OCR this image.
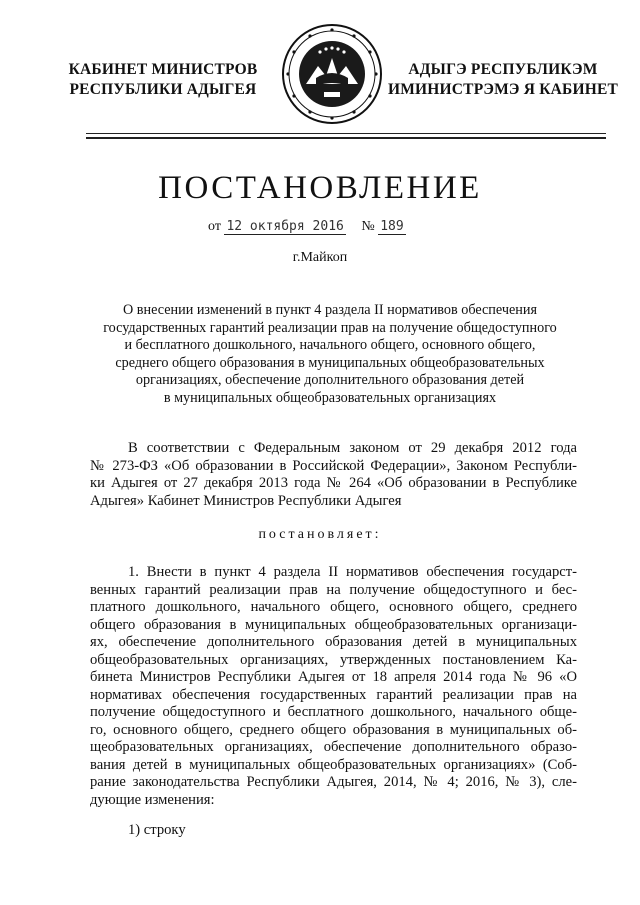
КАБИНЕТ МИНИСТРОВ
РЕСПУБЛИКИ АДЫГЕЯ
АДЫГЭ РЕСПУБЛИКЭМ
ИМИНИСТРЭМЭ Я КАБИНЕТ
ПОСТАНОВЛЕНИЕ
от 12 октября 2016 № 189
г.Майкоп
О внесении изменений в пункт 4 раздела II нормативов обеспечения
государственных гарантий реализации прав на получение общедоступного
и бесплатного дошкольного, начального общего, основного общего,
среднего общего образования в муниципальных общеобразовательных
организациях, обеспечение дополнительного образования детей
в муниципальных общеобразовательных организациях
В соответствии с Федеральным законом от 29 декабря 2012 года
№ 273-ФЗ «Об образовании в Российской Федерации», Законом Республи-
ки Адыгея от 27 декабря 2013 года № 264 «Об образовании в Республике
Адыгея» Кабинет Министров Республики Адыгея
постановляет:
1. Внести в пункт 4 раздела II нормативов обеспечения государст-
венных гарантий реализации прав на получение общедоступного и бес-
платного дошкольного, начального общего, основного общего, среднего
общего образования в муниципальных общеобразовательных организаци-
ях, обеспечение дополнительного образования детей в муниципальных
общеобразовательных организациях, утвержденных постановлением Ка-
бинета Министров Республики Адыгея от 18 апреля 2014 года № 96 «О
нормативах обеспечения государственных гарантий реализации прав на
получение общедоступного и бесплатного дошкольного, начального обще-
го, основного общего, среднего общего образования в муниципальных об-
щеобразовательных организациях, обеспечение дополнительного образо-
вания детей в муниципальных общеобразовательных организациях» (Соб-
рание законодательства Республики Адыгея, 2014, № 4; 2016, № 3), сле-
дующие изменения:
1) строку
